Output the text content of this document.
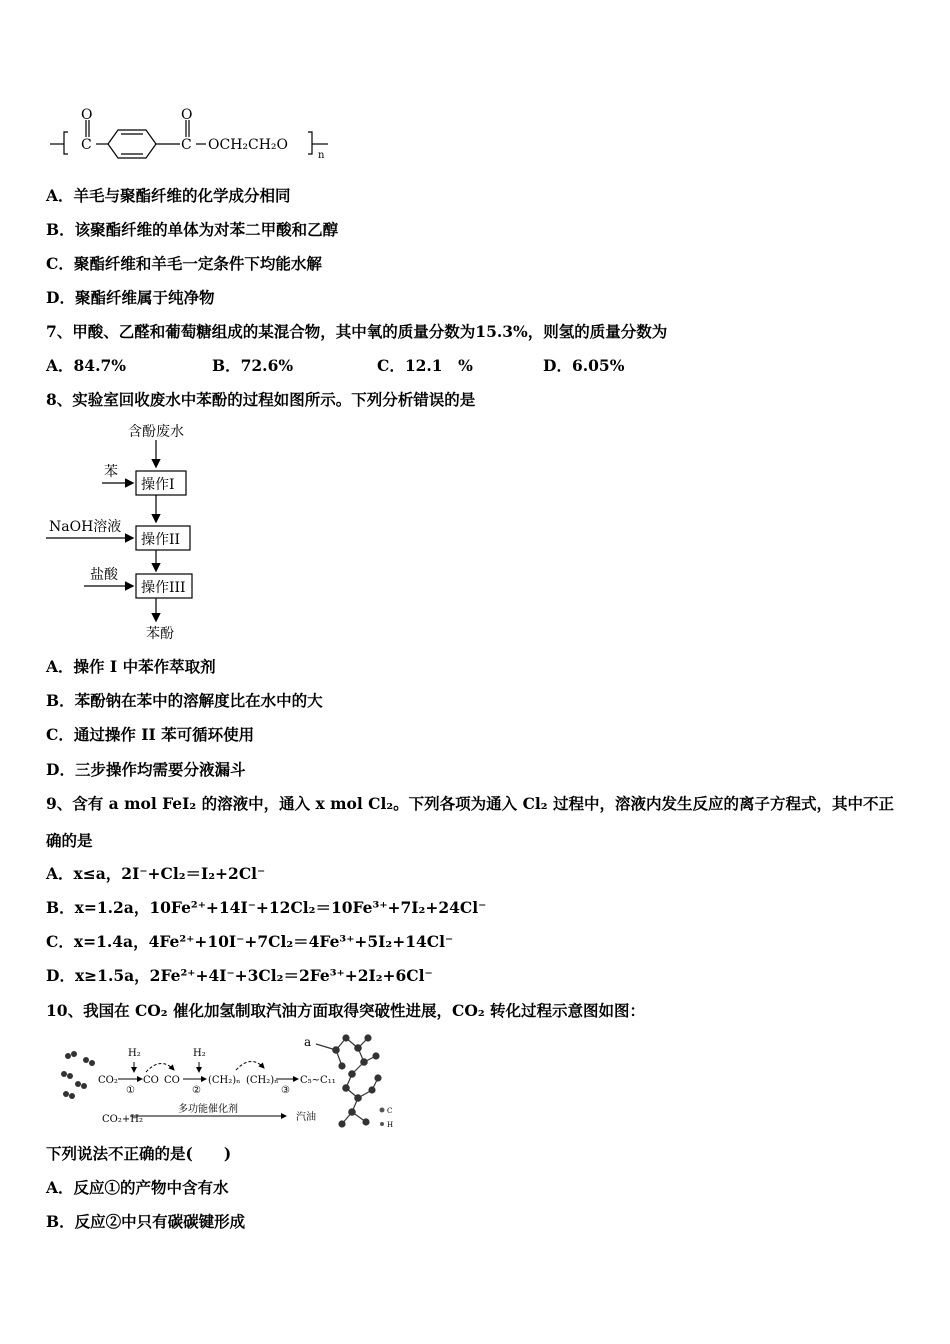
O
C
O
C OCH₂CH₂O
n
A．羊毛与聚酯纤维的化学成分相同
B．该聚酯纤维的单体为对苯二甲酸和乙醇
C．聚酯纤维和羊毛一定条件下均能水解
D．聚酯纤维属于纯净物
7、甲酸、乙醛和葡萄糖组成的某混合物，其中氧的质量分数为15.3%，则氢的质量分数为
A．84.7%	B．72.6%	C．12.1　%	D．6.05%
8、实验室回收废水中苯酚的过程如图所示。下列分析错误的是
含酚废水
苯
操作I
NaOH溶液
操作II
盐酸
操作III
苯酚
A．操作 I 中苯作萃取剂
B．苯酚钠在苯中的溶解度比在水中的大
C．通过操作 II 苯可循环使用
D．三步操作均需要分液漏斗
9、含有 a mol FeI₂ 的溶液中，通入 x mol Cl₂。下列各项为通入 Cl₂ 过程中，溶液内发生反应的离子方程式，其中不正
确的是
A．x≤a，2I⁻+Cl₂＝I₂+2Cl⁻
B．x=1.2a，10Fe²⁺+14I⁻+12Cl₂＝10Fe³⁺+7I₂+24Cl⁻
C．x=1.4a，4Fe²⁺+10I⁻+7Cl₂＝4Fe³⁺+5I₂+14Cl⁻
D．x≥1.5a，2Fe²⁺+4I⁻+3Cl₂＝2Fe³⁺+2I₂+6Cl⁻
10、我国在 CO₂ 催化加氢制取汽油方面取得突破性进展，CO₂ 转化过程示意图如图：
H₂	H₂
CO₂	CO CO
①	②
(CH₂)ₙ (CH₂)ₙ
③
C₅~C₁₁
CO₂+H₂
多功能催化剂
汽油
a
C
H
下列说法不正确的是(　　)
A．反应①的产物中含有水
B．反应②中只有碳碳键形成
